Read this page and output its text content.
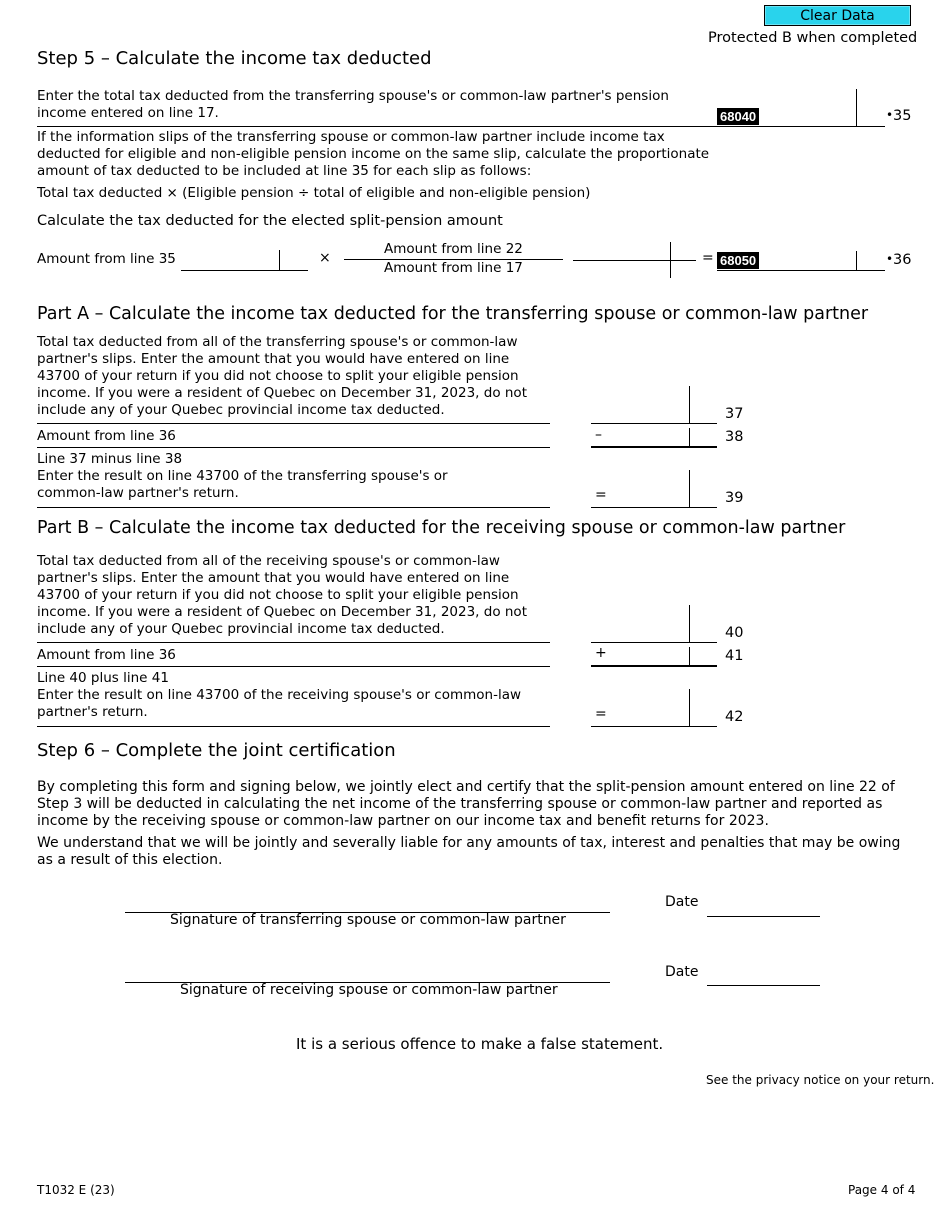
Clear Data
Protected B when completed
Step 5 – Calculate the income tax deducted
Enter the total tax deducted from the transferring spouse's or common-law partner's pension
income entered on line 17.	68040	• 35
If the information slips of the transferring spouse or common-law partner include income tax
deducted for eligible and non-eligible pension income on the same slip, calculate the proportionate
amount of tax deducted to be included at line 35 for each slip as follows:
Total tax deducted × (Eligible pension ÷ total of eligible and non-eligible pension)
Calculate the tax deducted for the elected split-pension amount
Amount from line 35	×
Amount from line 22
Amount from line 17
= 68050	• 36
Part A – Calculate the income tax deducted for the transferring spouse or common-law partner
Total tax deducted from all of the transferring spouse's or common-law
partner's slips. Enter the amount that you would have entered on line
43700 of your return if you did not choose to split your eligible pension
income. If you were a resident of Quebec on December 31, 2023, do not
include any of your Quebec provincial income tax deducted.	37
Amount from line 36	–	38
Line 37 minus line 38
Enter the result on line 43700 of the transferring spouse's or
common-law partner's return.	=	39
Part B – Calculate the income tax deducted for the receiving spouse or common-law partner
Total tax deducted from all of the receiving spouse's or common-law
partner's slips. Enter the amount that you would have entered on line
43700 of your return if you did not choose to split your eligible pension
income. If you were a resident of Quebec on December 31, 2023, do not
include any of your Quebec provincial income tax deducted.	40
Amount from line 36	+	41
Line 40 plus line 41
Enter the result on line 43700 of the receiving spouse's or common-law
partner's return.	=	42
Step 6 – Complete the joint certification
By completing this form and signing below, we jointly elect and certify that the split-pension amount entered on line 22 of
Step 3 will be deducted in calculating the net income of the transferring spouse or common-law partner and reported as
income by the receiving spouse or common-law partner on our income tax and benefit returns for 2023.
We understand that we will be jointly and severally liable for any amounts of tax, interest and penalties that may be owing
as a result of this election.
Signature of transferring spouse or common-law partner
Date
Signature of receiving spouse or common-law partner
Date
It is a serious offence to make a false statement.
See the privacy notice on your return.
T1032 E (23)	Page 4 of 4
